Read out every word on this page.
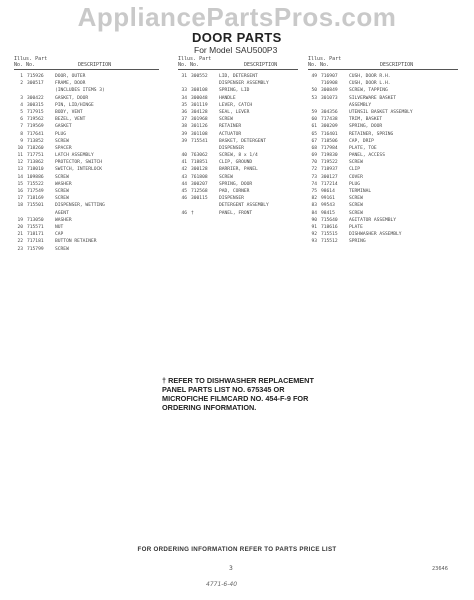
AppliancePartsPros.com
DOOR PARTS
For Model SAU500P3
Illus. Part
No. No.	DESCRIPTION
1 715926 DOOR, OUTER
2 300517 FRAME, DOOR
(INCLUDES ITEMS 3)
3 300422 GASKET, DOOR
4 300315 PIN, LID/HINGE
5 717915 BODY, VENT
6 719562 BEZEL, VENT
7 719569 GASKET
8 717641 PLUG
9 713852 SCREW
10 718260 SPACER
11 717751 LATCH ASSEMBLY
12 713862 PROTECTOR, SWITCH
13 718010 SWITCH, INTERLOCK
14 109886 SCREW
15 715522 WASHER
16 717549 SCREW
17 718169 SCREW
18 715501 DISPENSER, WETTING
AGENT
19 713050 WASHER
20 715571 NUT
21 718171 CAP
22 717181 BUTTON RETAINER
23 715799 SCREW
Illus. Part
No. No.	DESCRIPTION
31 300552 LID, DETERGENT
DISPENSER ASSEMBLY
33 308108 SPRING, LID
34 300048 HANDLE
35 301119 LEVER, CATCH
36 304128 SEAL, LEVER
37 301968 SCREW
38 301126 RETAINER
39 301108 ACTUATOR
39 715541 BASKET, DETERGENT
DISPENSER
40 763062 SCREW, 8 x 1/4
41 718851 CLIP, GROUND
42 300128 BARRIER, PANEL
43 761808 SCREW
44 300207 SPRING, DOOR
45 712568 PAD, CORNER
46 300115 DISPENSER
DETERGENT ASSEMBLY
46 †	PANEL, FRONT
Illus. Part
No. No.	DESCRIPTION
49 716907 CUSH, DOOR R.H.
716908 CUSH, DOOR L.H.
50 300849 SCREW, TAPPING
53 301073 SILVERWARE BASKET
ASSEMBLY
59 304356 UTENSIL BASKET ASSEMBLY
60 717438 TRIM, BASKET
61 300209 SPRING, DOOR
65 716401 RETAINER, SPRING
67 718506 CAP, DRIP
68 717984 PLATE, TOE
69 719830 PANEL, ACCESS
70 719522 SCREW
72 718937 CLIP
73 300127 COVER
74 717214 PLUG
75 98614	TERMINAL
82 99161	SCREW
83 99543	SCREW
84 98415	SCREW
90 715640 AGITATOR ASSEMBLY
91 718616 PLATE
92 715515 DISHWASHER ASSEMBLY
93 715512 SPRING
† REFER TO DISHWASHER REPLACEMENT PANEL PARTS LIST NO. 675345 OR MICROFICHE FILMCARD NO. 454-F-9 FOR ORDERING INFORMATION.
FOR ORDERING INFORMATION REFER TO PARTS PRICE LIST
3	23646
4771-6-40
